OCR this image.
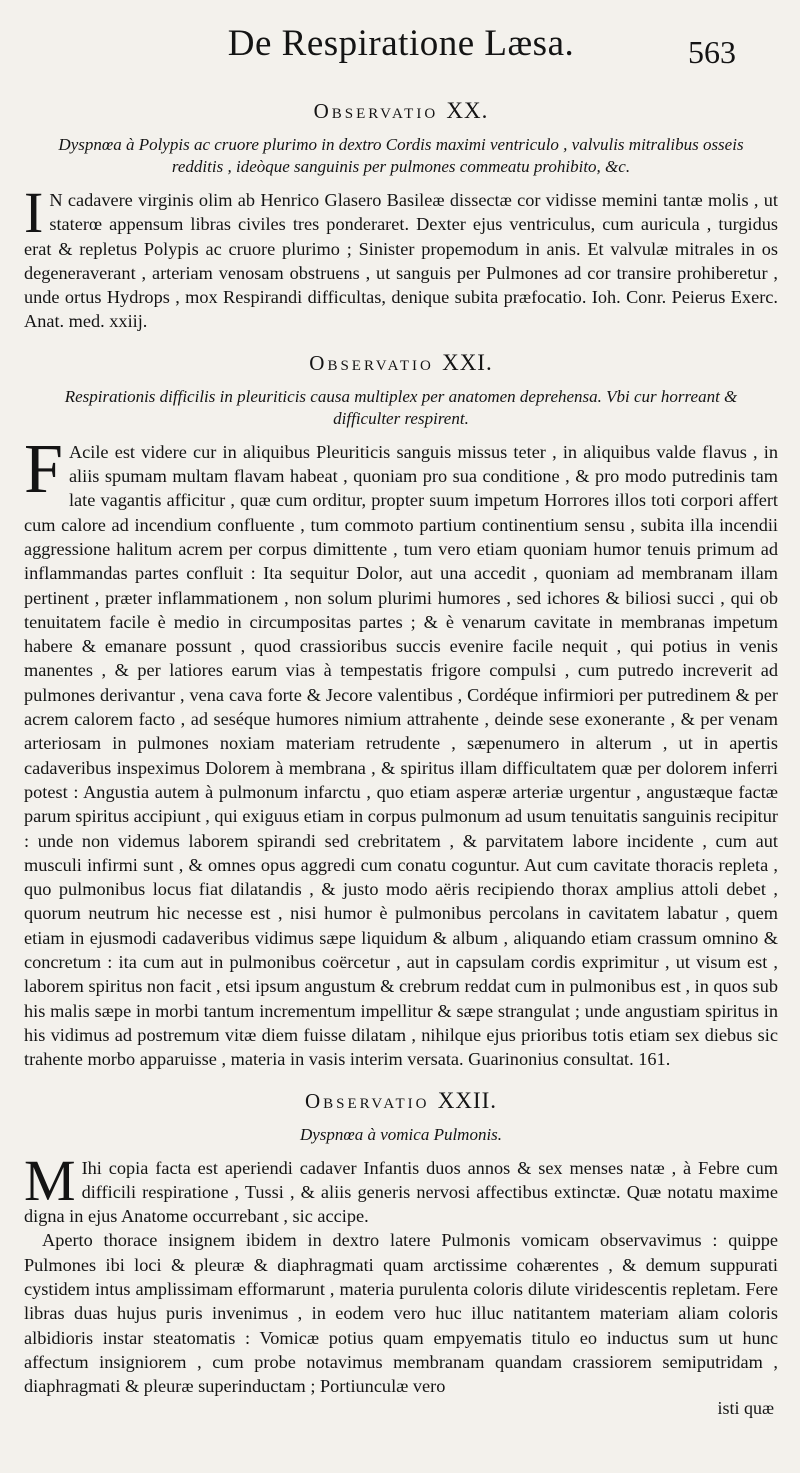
De Respiratione Læsa.	563
Observatio XX.

Dyspnœa à Polypis ac cruore plurimo in dextro Cordis maximi ventriculo , valvulis mitralibus osseis redditis , ideòque sanguinis per pulmones commeatu prohibito, &c.

I N cadavere virginis olim ab Henrico Glasero Basileæ dissectæ cor vidisse memini tantæ molis , ut staterœ appensum libras civiles tres ponderaret. Dexter ejus ventriculus, cum auricula , turgidus erat & repletus Polypis ac cruore plurimo ; Sinister propemodum in anis. Et valvulæ mitrales in os degeneraverant , arteriam venosam obstruens , ut sanguis per Pulmones ad cor transire prohiberetur , unde ortus Hydrops , mox Respirandi difficultas, denique subita præfocatio. Ioh. Conr. Peierus Exerc. Anat. med. xxiij.

Observatio XXI.

Respirationis difficilis in pleuriticis causa multiplex per anatomen deprehensa. Vbi cur horreant & difficulter respirent.

F Acile est videre cur in aliquibus Pleuriticis sanguis missus teter , in aliquibus valde flavus , in aliis spumam multam flavam habeat , quoniam pro sua conditione , & pro modo putredinis tam late vagantis afficitur , quæ cum orditur, propter suum impetum Horrores illos toti corpori affert cum calore ad incendium confluente , tum commoto partium continentium sensu , subita illa incendii aggressione halitum acrem per corpus dimittente , tum vero etiam quoniam humor tenuis primum ad inflammandas partes confluit : Ita sequitur Dolor, aut una accedit , quoniam ad membranam illam pertinent , præter inflammationem , non solum plurimi humores , sed ichores & biliosi succi , qui ob tenuitatem facile è medio in circumpositas partes ; & è venarum cavitate in membranas impetum habere & emanare possunt , quod crassioribus succis evenire facile nequit , qui potius in venis manentes , & per latiores earum vias à tempestatis frigore compulsi , cum putredo increverit ad pulmones derivantur , vena cava forte & Jecore valentibus , Cordéque infirmiori per putredinem & per acrem calorem facto , ad seséque humores nimium attrahente , deinde sese exonerante , & per venam arteriosam in pulmones noxiam materiam retrudente , sæpenumero in alterum , ut in apertis cadaveribus inspeximus Dolorem à membrana , & spiritus illam difficultatem quæ per dolorem inferri potest : Angustia autem à pulmonum infarctu , quo etiam asperæ arteriæ urgentur , angustæque factæ parum spiritus accipiunt , qui exiguus etiam in corpus pulmonum ad usum tenuitatis sanguinis recipitur : unde non videmus laborem spirandi sed crebritatem , & parvitatem labore incidente , cum aut musculi infirmi sunt , & omnes opus aggredi cum conatu coguntur. Aut cum cavitate thoracis repleta , quo pulmonibus locus fiat dilatandis , & justo modo aëris recipiendo thorax amplius attoli debet , quorum neutrum hic necesse est , nisi humor è pulmonibus percolans in cavitatem labatur , quem etiam in ejusmodi cadaveribus vidimus sæpe liquidum & album , aliquando etiam crassum omnino & concretum : ita cum aut in pulmonibus coërcetur , aut in capsulam cordis exprimitur , ut visum est , laborem spiritus non facit , etsi ipsum angustum & crebrum reddat cum in pulmonibus est , in quos sub his malis sæpe in morbi tantum incrementum impellitur & sæpe strangulat ; unde angustiam spiritus in his vidimus ad postremum vitæ diem fuisse dilatam , nihilque ejus prioribus totis etiam sex diebus sic trahente morbo apparuisse , materia in vasis interim versata. Guarinonius consultat. 161.

Observatio XXII.

Dyspnœa à vomica Pulmonis.

M Ihi copia facta est aperiendi cadaver Infantis duos annos & sex menses natæ , à Febre cum difficili respiratione , Tussi , & aliis generis nervosi affectibus extinctæ. Quæ notatu maxime digna in ejus Anatome occurrebant , sic accipe.

Aperto thorace insignem ibidem in dextro latere Pulmonis vomicam observavimus : quippe Pulmones ibi loci & pleuræ & diaphragmati quam arctissime cohærentes , & demum suppurati cystidem intus amplissimam efformarunt , materia purulenta coloris dilute viridescentis repletam. Fere libras duas hujus puris invenimus , in eodem vero huc illuc natitantem materiam aliam coloris albidioris instar steatomatis : Vomicæ potius quam empyematis titulo eo inductus sum ut hunc affectum insigniorem , cum probe notavimus membranam quandam crassiorem semiputridam , diaphragmati & pleuræ superinductam ; Portiunculæ vero

isti quæ
